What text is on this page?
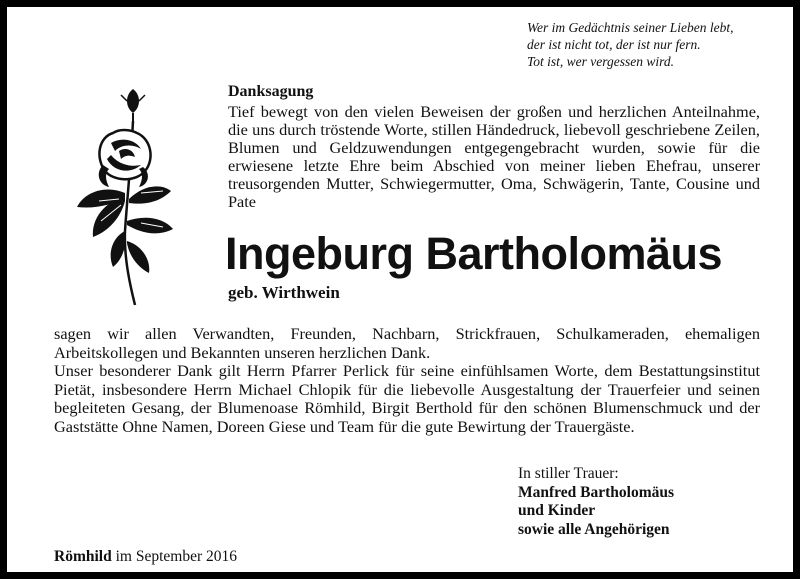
Wer im Gedächtnis seiner Lieben lebt,
der ist nicht tot, der ist nur fern.
Tot ist, wer vergessen wird.
Danksagung
Tief bewegt von den vielen Beweisen der großen und herzlichen Anteilnahme, die uns durch tröstende Worte, stillen Händedruck, liebevoll geschriebene Zeilen, Blumen und Geldzuwendungen entgegengebracht wurden, sowie für die erwiesene letzte Ehre beim Abschied von meiner lieben Ehefrau, unserer treusorgenden Mutter, Schwiegermutter, Oma, Schwägerin, Tante, Cousine und Pate
Ingeburg Bartholomäus
geb. Wirthwein

sagen wir allen Verwandten, Freunden, Nachbarn, Strickfrauen, Schulkameraden, ehemaligen Arbeitskollegen und Bekannten unseren herzlichen Dank.

Unser besonderer Dank gilt Herrn Pfarrer Perlick für seine einfühlsamen Worte, dem Bestattungsinstitut Pietät, insbesondere Herrn Michael Chlopik für die liebevolle Ausgestaltung der Trauerfeier und seinen begleiteten Gesang, der Blumenoase Römhild, Birgit Berthold für den schönen Blumenschmuck und der Gaststätte Ohne Namen, Doreen Giese und Team für die gute Bewirtung der Trauergäste.

In stiller Trauer:
Manfred Bartholomäus
und Kinder
sowie alle Angehörigen
Römhild im September 2016
